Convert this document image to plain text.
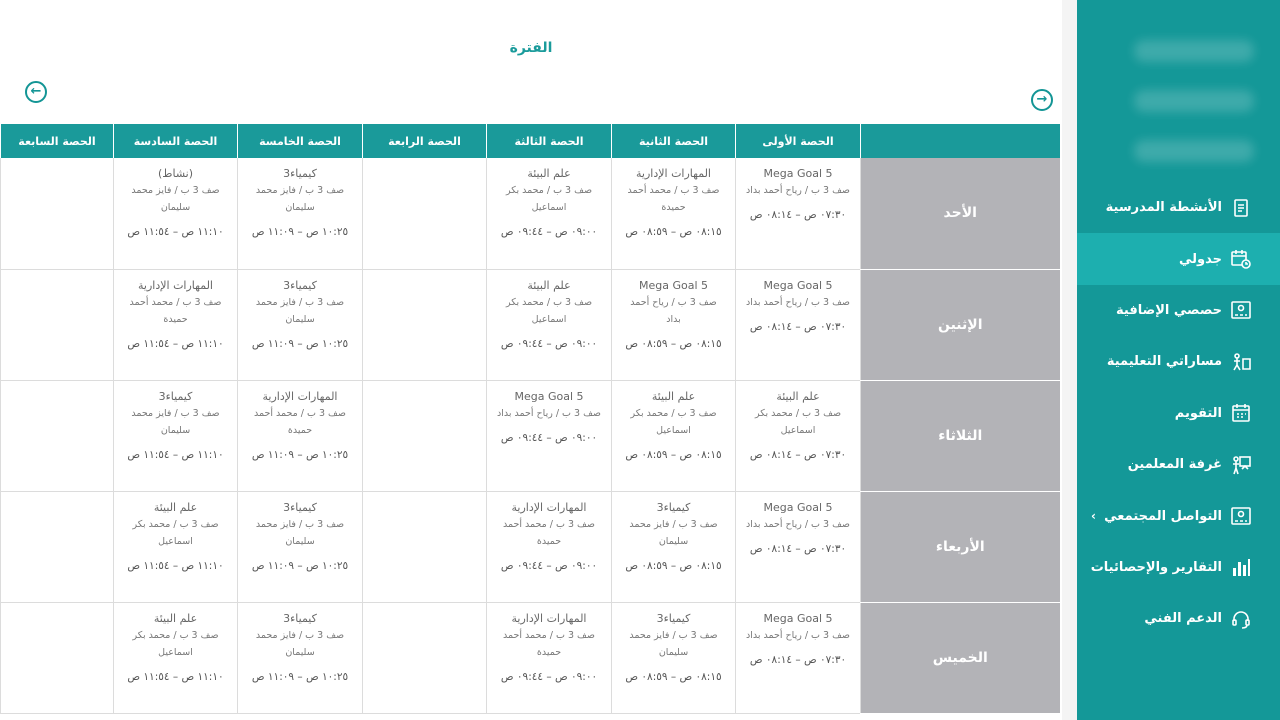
الفترة
←
→
	الحصة الأولى	الحصة الثانية	الحصة الثالثة	الحصة الرابعة	الحصة الخامسة	الحصة السادسة	الحصة السابعة
الأحد	Mega Goal 5
صف 3 ب / رياح أحمد بداد
٠٧:٣٠ ص – ٠٨:١٤ ص	المهارات الإدارية
صف 3 ب / محمد أحمد حميدة
٠٨:١٥ ص – ٠٨:٥٩ ص	علم البيئة
صف 3 ب / محمد بكر اسماعيل
٠٩:٠٠ ص – ٠٩:٤٤ ص		كيمياء3
صف 3 ب / فايز محمد سليمان
١٠:٢٥ ص – ١١:٠٩ ص	(نشاط)
صف 3 ب / فايز محمد سليمان
١١:١٠ ص – ١١:٥٤ ص	

الإثنين	Mega Goal 5
صف 3 ب / رياح أحمد بداد
٠٧:٣٠ ص – ٠٨:١٤ ص	Mega Goal 5
صف 3 ب / رياح أحمد بداد
٠٨:١٥ ص – ٠٨:٥٩ ص	علم البيئة
صف 3 ب / محمد بكر اسماعيل
٠٩:٠٠ ص – ٠٩:٤٤ ص		كيمياء3
صف 3 ب / فايز محمد سليمان
١٠:٢٥ ص – ١١:٠٩ ص	المهارات الإدارية
صف 3 ب / محمد أحمد حميدة
١١:١٠ ص – ١١:٥٤ ص	

الثلاثاء	علم البيئة
صف 3 ب / محمد بكر اسماعيل
٠٧:٣٠ ص – ٠٨:١٤ ص	علم البيئة
صف 3 ب / محمد بكر اسماعيل
٠٨:١٥ ص – ٠٨:٥٩ ص	Mega Goal 5
صف 3 ب / رياح أحمد بداد
٠٩:٠٠ ص – ٠٩:٤٤ ص		المهارات الإدارية
صف 3 ب / محمد أحمد حميدة
١٠:٢٥ ص – ١١:٠٩ ص	كيمياء3
صف 3 ب / فايز محمد سليمان
١١:١٠ ص – ١١:٥٤ ص	

الأربعاء	Mega Goal 5
صف 3 ب / رياح أحمد بداد
٠٧:٣٠ ص – ٠٨:١٤ ص	كيمياء3
صف 3 ب / فايز محمد سليمان
٠٨:١٥ ص – ٠٨:٥٩ ص	المهارات الإدارية
صف 3 ب / محمد أحمد حميدة
٠٩:٠٠ ص – ٠٩:٤٤ ص		كيمياء3
صف 3 ب / فايز محمد سليمان
١٠:٢٥ ص – ١١:٠٩ ص	علم البيئة
صف 3 ب / محمد بكر اسماعيل
١١:١٠ ص – ١١:٥٤ ص	

الخميس	Mega Goal 5
صف 3 ب / رياح أحمد بداد
٠٧:٣٠ ص – ٠٨:١٤ ص	كيمياء3
صف 3 ب / فايز محمد سليمان
٠٨:١٥ ص – ٠٨:٥٩ ص	المهارات الإدارية
صف 3 ب / محمد أحمد حميدة
٠٩:٠٠ ص – ٠٩:٤٤ ص		كيمياء3
صف 3 ب / فايز محمد سليمان
١٠:٢٥ ص – ١١:٠٩ ص	علم البيئة
صف 3 ب / محمد بكر اسماعيل
١١:١٠ ص – ١١:٥٤ ص	

الأنشطة المدرسية
جدولي
حصصي الإضافية
مساراتي التعليمية
التقويم
غرفة المعلمين
التواصل المجتمعي
›
التقارير والإحصائيات
الدعم الفني
